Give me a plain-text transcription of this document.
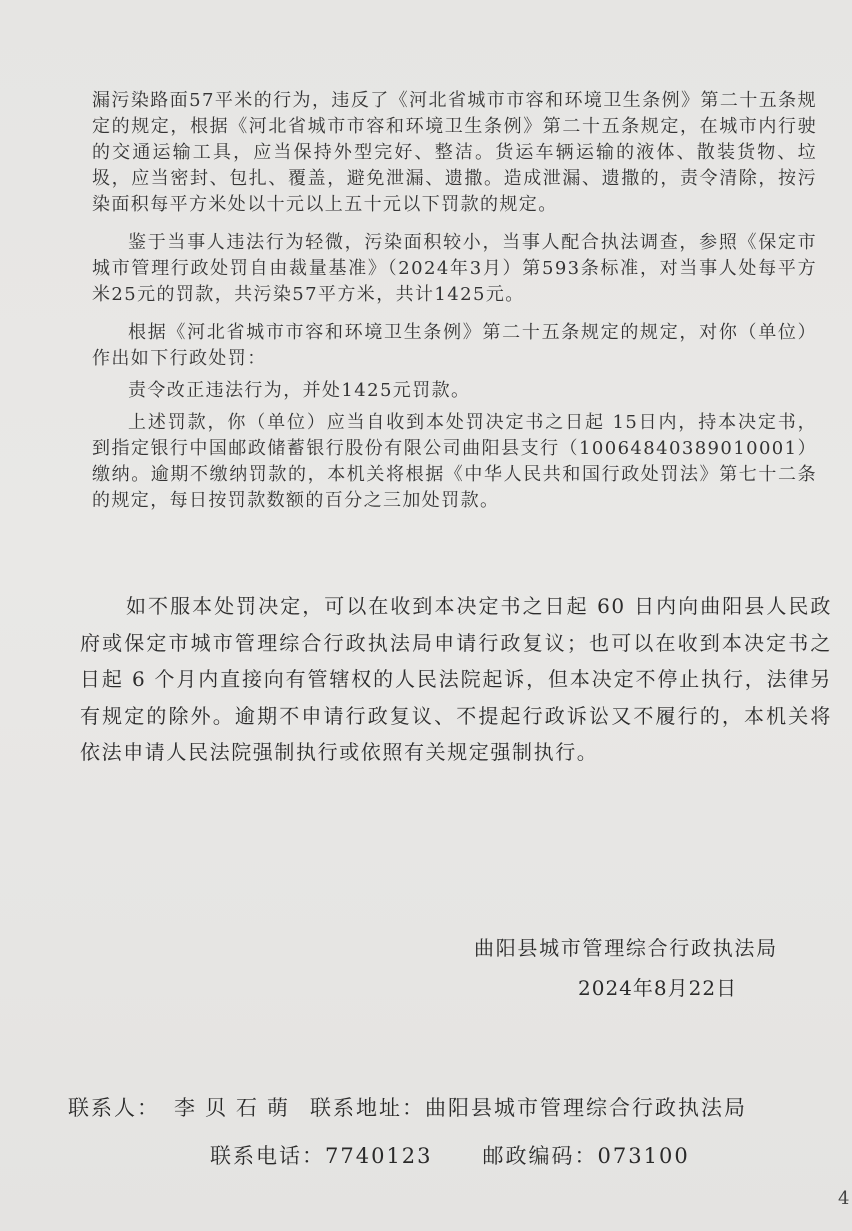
漏污染路面57平米的行为，违反了《河北省城市市容和环境卫生条例》第二十五条规定的规定，根据《河北省城市市容和环境卫生条例》第二十五条规定，在城市内行驶的交通运输工具，应当保持外型完好、整洁。货运车辆运输的液体、散装货物、垃圾，应当密封、包扎、覆盖，避免泄漏、遗撒。造成泄漏、遗撒的，责令清除，按污染面积每平方米处以十元以上五十元以下罚款的规定。

鉴于当事人违法行为轻微，污染面积较小，当事人配合执法调查，参照《保定市城市管理行政处罚自由裁量基准》（2024年3月）第593条标准，对当事人处每平方米25元的罚款，共污染57平方米，共计1425元。

根据《河北省城市市容和环境卫生条例》第二十五条规定的规定，对你（单位）作出如下行政处罚：

责令改正违法行为，并处1425元罚款。

上述罚款，你（单位）应当自收到本处罚决定书之日起 15日内，持本决定书，到指定银行中国邮政储蓄银行股份有限公司曲阳县支行（10064840389010001） 缴纳。逾期不缴纳罚款的，本机关将根据《中华人民共和国行政处罚法》第七十二条的规定，每日按罚款数额的百分之三加处罚款。

如不服本处罚决定，可以在收到本决定书之日起 60 日内向曲阳县人民政府或保定市城市管理综合行政执法局申请行政复议；也可以在收到本决定书之日起 6 个月内直接向有管辖权的人民法院起诉，但本决定不停止执行，法律另有规定的除外。逾期不申请行政复议、不提起行政诉讼又不履行的，本机关将依法申请人民法院强制执行或依照有关规定强制执行。

曲阳县城市管理综合行政执法局
2024年8月22日
联系人： 李贝石萌 联系地址：曲阳县城市管理综合行政执法局
联系电话：7740123 邮政编码：073100
4
